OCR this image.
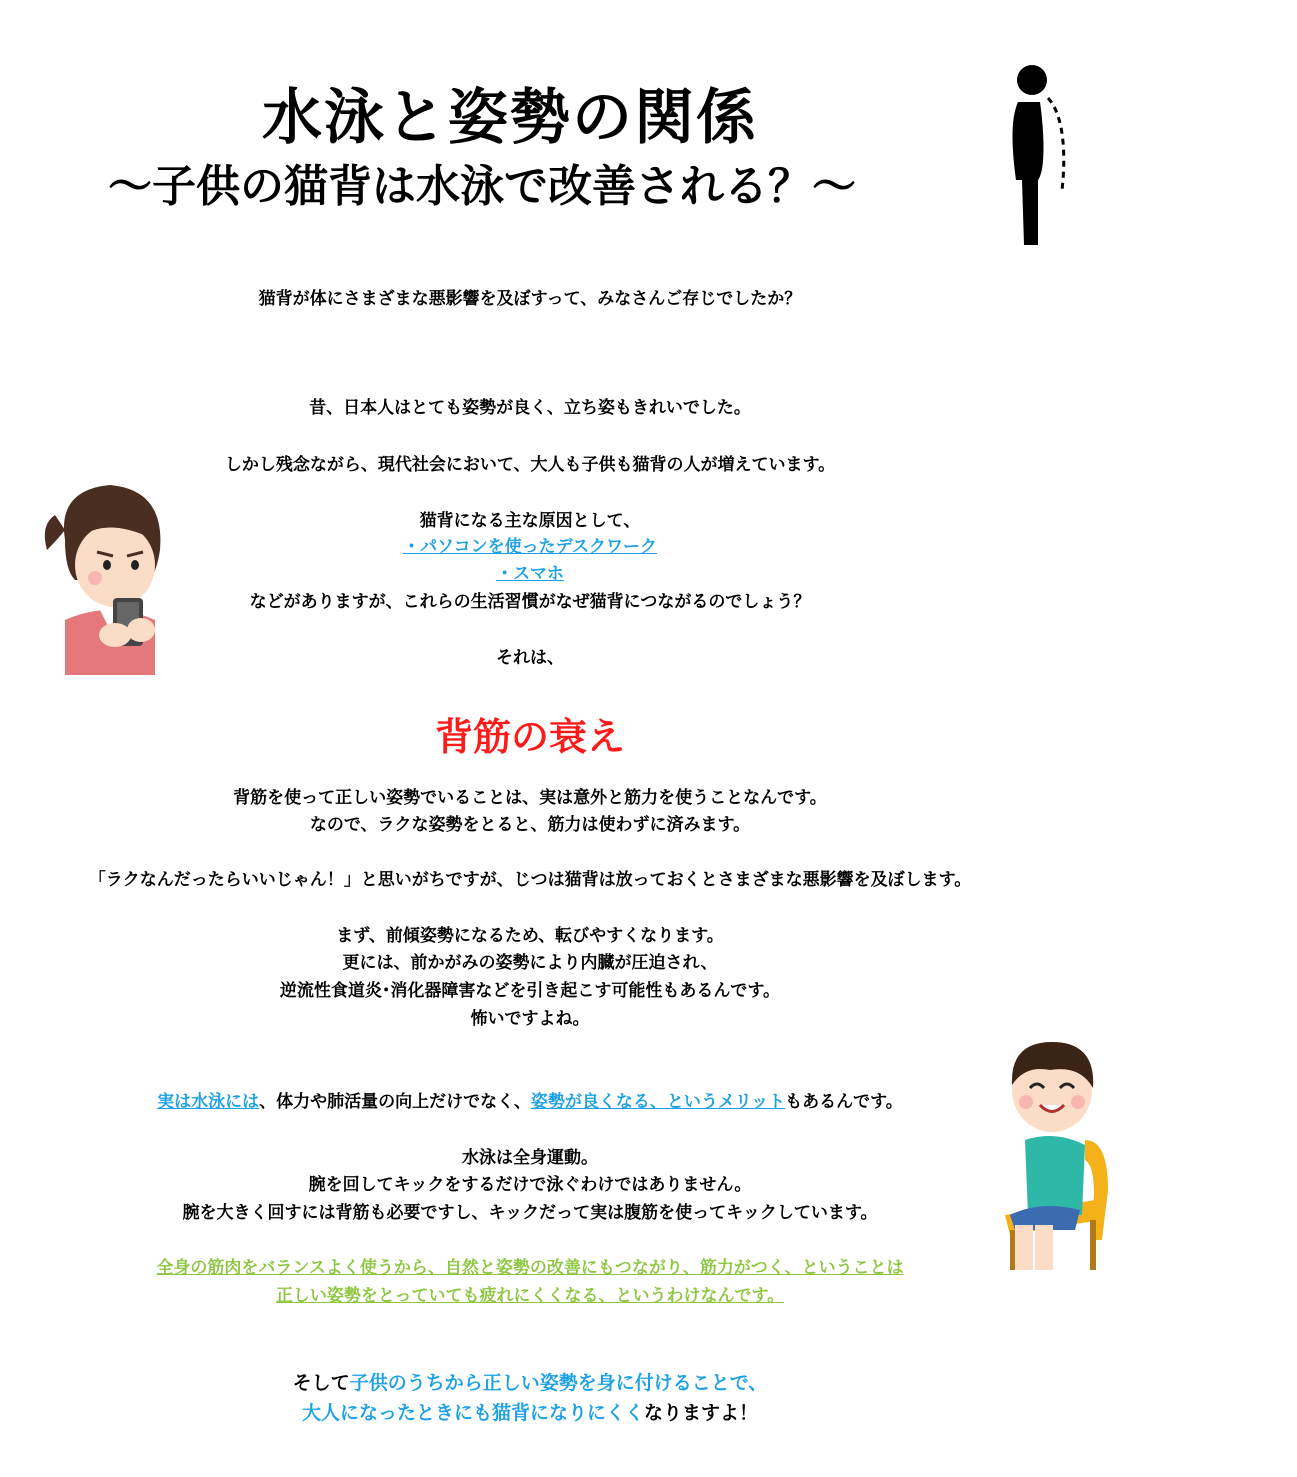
水泳と姿勢の関係
～子供の猫背は水泳で改善される？～
猫背が体にさまざまな悪影響を及ぼすって、みなさんご存じでしたか？
昔、日本人はとても姿勢が良く、立ち姿もきれいでした。
しかし残念ながら、現代社会において、大人も子供も猫背の人が増えています。
猫背になる主な原因として、
・パソコンを使ったデスクワーク
・スマホ
などがありますが、これらの生活習慣がなぜ猫背につながるのでしょう？
それは、
背筋の衰え
背筋を使って正しい姿勢でいることは、実は意外と筋力を使うことなんです。
なので、ラクな姿勢をとると、筋力は使わずに済みます。
「ラクなんだったらいいじゃん！」と思いがちですが、じつは猫背は放っておくとさまざまな悪影響を及ぼします。
まず、前傾姿勢になるため、転びやすくなります。
更には、前かがみの姿勢により内臓が圧迫され、
逆流性食道炎･消化器障害などを引き起こす可能性もあるんです。
怖いですよね。
実は水泳には、体力や肺活量の向上だけでなく、姿勢が良くなる、というメリットもあるんです。
水泳は全身運動。
腕を回してキックをするだけで泳ぐわけではありません。
腕を大きく回すには背筋も必要ですし、キックだって実は腹筋を使ってキックしています。
全身の筋肉をバランスよく使うから、自然と姿勢の改善にもつながり、筋力がつく、ということは
正しい姿勢をとっていても疲れにくくなる、というわけなんです。
そして子供のうちから正しい姿勢を身に付けることで、
大人になったときにも猫背になりにくくなりますよ！
